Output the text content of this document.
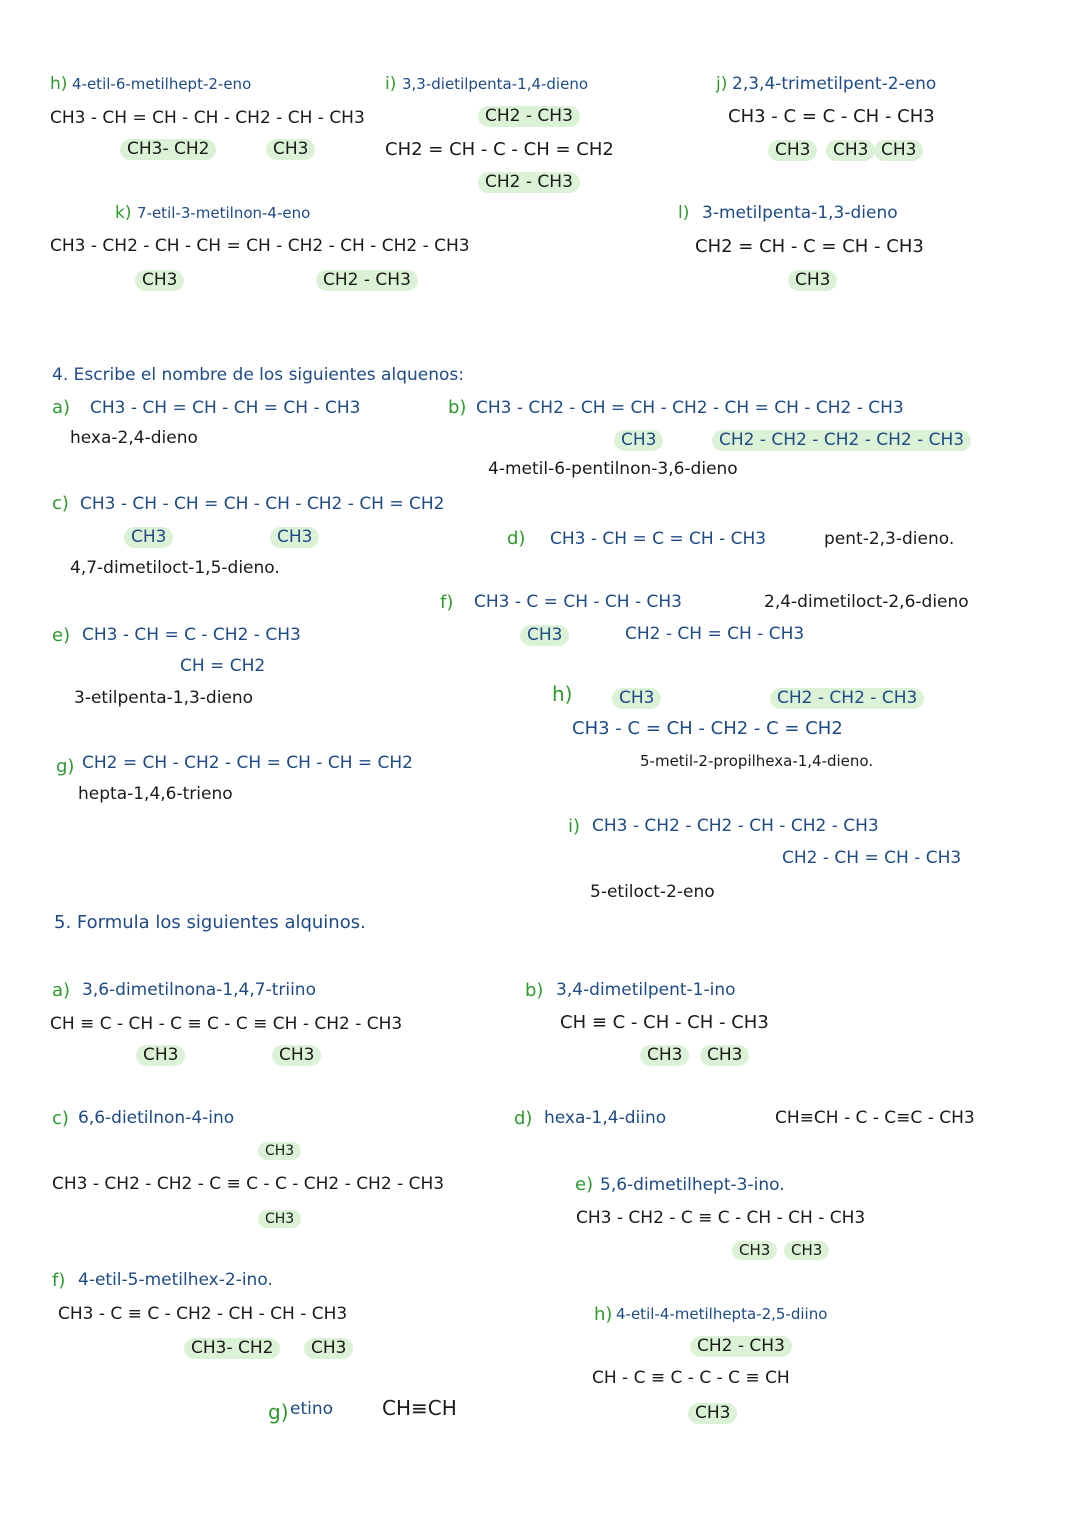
h) 4-etil-6-metilhept-2-eno
CH3 - CH = CH - CH - CH2 - CH - CH3
CH3- CH2	CH3
i) 3,3-dietilpenta-1,4-dieno
CH2 - CH3
CH2 = CH - C - CH = CH2
CH2 - CH3
j) 2,3,4-trimetilpent-2-eno
CH3 - C = C - CH - CH3
CH3	CH3 CH3
k) 7-etil-3-metilnon-4-eno
CH3 - CH2 - CH - CH = CH - CH2 - CH - CH2 - CH3
CH3	CH2 - CH3
l) 3-metilpenta-1,3-dieno
CH2 = CH - C = CH - CH3
CH3
4. Escribe el nombre de los siguientes alquenos:
a) CH3 - CH = CH - CH = CH - CH3
hexa-2,4-dieno
b) CH3 - CH2 - CH = CH - CH2 - CH = CH - CH2 - CH3
CH3	CH2 - CH2 - CH2 - CH2 - CH3
4-metil-6-pentilnon-3,6-dieno
c) CH3 - CH - CH = CH - CH - CH2 - CH = CH2
CH3	CH3
4,7-dimetiloct-1,5-dieno.
d) CH3 - CH = C = CH - CH3	pent-2,3-dieno.
f) CH3 - C = CH - CH - CH3	2,4-dimetiloct-2,6-dieno
CH3	CH2 - CH = CH - CH3
e) CH3 - CH = C - CH2 - CH3
CH = CH2
3-etilpenta-1,3-dieno	h)	CH3	CH2 - CH2 - CH3
CH3 - C = CH - CH2 - C = CH2
5-metil-2-propilhexa-1,4-dieno.
g) CH2 = CH - CH2 - CH = CH - CH = CH2
hepta-1,4,6-trieno
i) CH3 - CH2 - CH2 - CH - CH2 - CH3
CH2 - CH = CH - CH3
5-etiloct-2-eno
5. Formula los siguientes alquinos.
a) 3,6-dimetilnona-1,4,7-triino
CH ≡ C - CH - C ≡ C - C ≡ CH - CH2 - CH3
CH3	CH3
b) 3,4-dimetilpent-1-ino
CH ≡ C - CH - CH - CH3
CH3	CH3
c) 6,6-dietilnon-4-ino
CH3
CH3 - CH2 - CH2 - C ≡ C - C - CH2 - CH2 - CH3
CH3
d) hexa-1,4-diino	CH≡CH - C - C≡C - CH3
e) 5,6-dimetilhept-3-ino.
CH3 - CH2 - C ≡ C - CH - CH - CH3
CH3	CH3
f) 4-etil-5-metilhex-2-ino.
CH3 - C ≡ C - CH2 - CH - CH - CH3
CH3- CH2	CH3
h) 4-etil-4-metilhepta-2,5-diino
CH2 - CH3
CH - C ≡ C - C - C ≡ CH
CH3
g) etino CH≡CH
